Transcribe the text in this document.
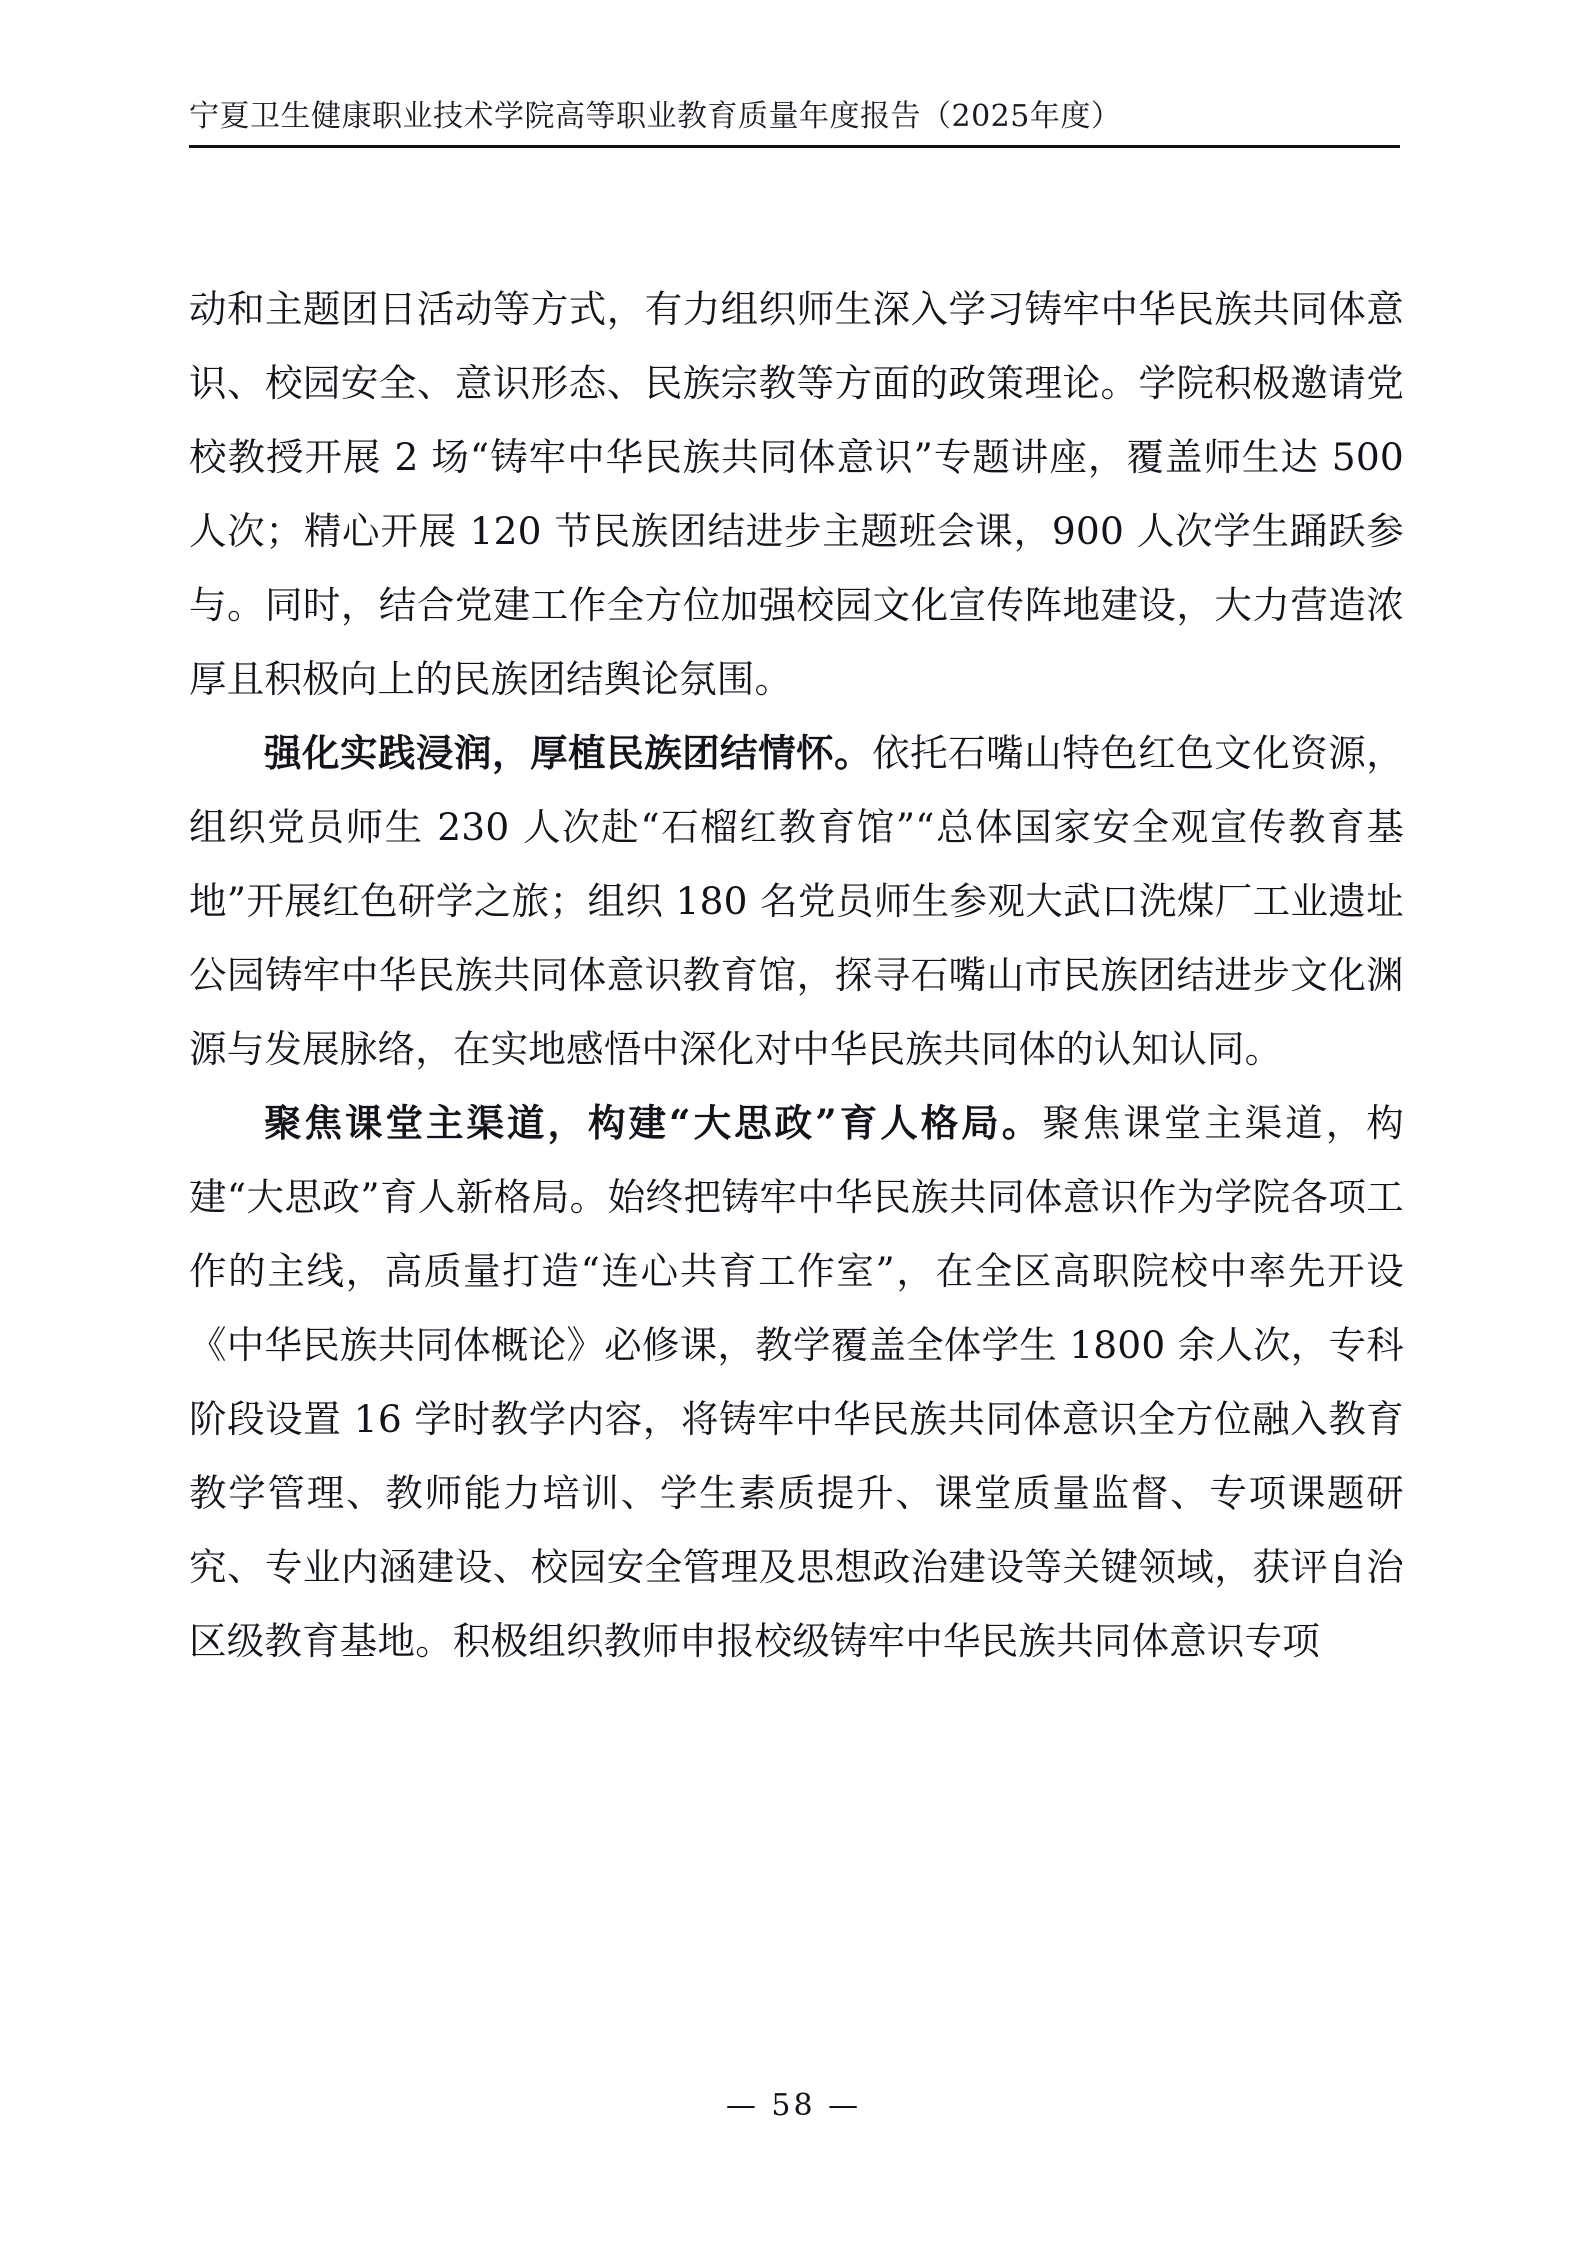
宁夏卫生健康职业技术学院高等职业教育质量年度报告（2025年度）

动和主题团日活动等方式，有力组织师生深入学习铸牢中华民族共同体意识、校园安全、意识形态、民族宗教等方面的政策理论。学院积极邀请党校教授开展 2 场“铸牢中华民族共同体意识”专题讲座，覆盖师生达 500 人次；精心开展 120 节民族团结进步主题班会课，900 人次学生踊跃参与。同时，结合党建工作全方位加强校园文化宣传阵地建设，大力营造浓厚且积极向上的民族团结舆论氛围。

强化实践浸润，厚植民族团结情怀。依托石嘴山特色红色文化资源，组织党员师生 230 人次赴“石榴红教育馆”“总体国家安全观宣传教育基地”开展红色研学之旅；组织 180 名党员师生参观大武口洗煤厂工业遗址公园铸牢中华民族共同体意识教育馆，探寻石嘴山市民族团结进步文化渊源与发展脉络，在实地感悟中深化对中华民族共同体的认知认同。

聚焦课堂主渠道，构建“大思政”育人格局。聚焦课堂主渠道，构建“大思政”育人新格局。始终把铸牢中华民族共同体意识作为学院各项工作的主线，高质量打造“连心共育工作室”，在全区高职院校中率先开设《中华民族共同体概论》必修课，教学覆盖全体学生 1800 余人次，专科阶段设置 16 学时教学内容，将铸牢中华民族共同体意识全方位融入教育教学管理、教师能力培训、学生素质提升、课堂质量监督、专项课题研究、专业内涵建设、校园安全管理及思想政治建设等关键领域，获评自治区级教育基地。积极组织教师申报校级铸牢中华民族共同体意识专项

— 58 —
